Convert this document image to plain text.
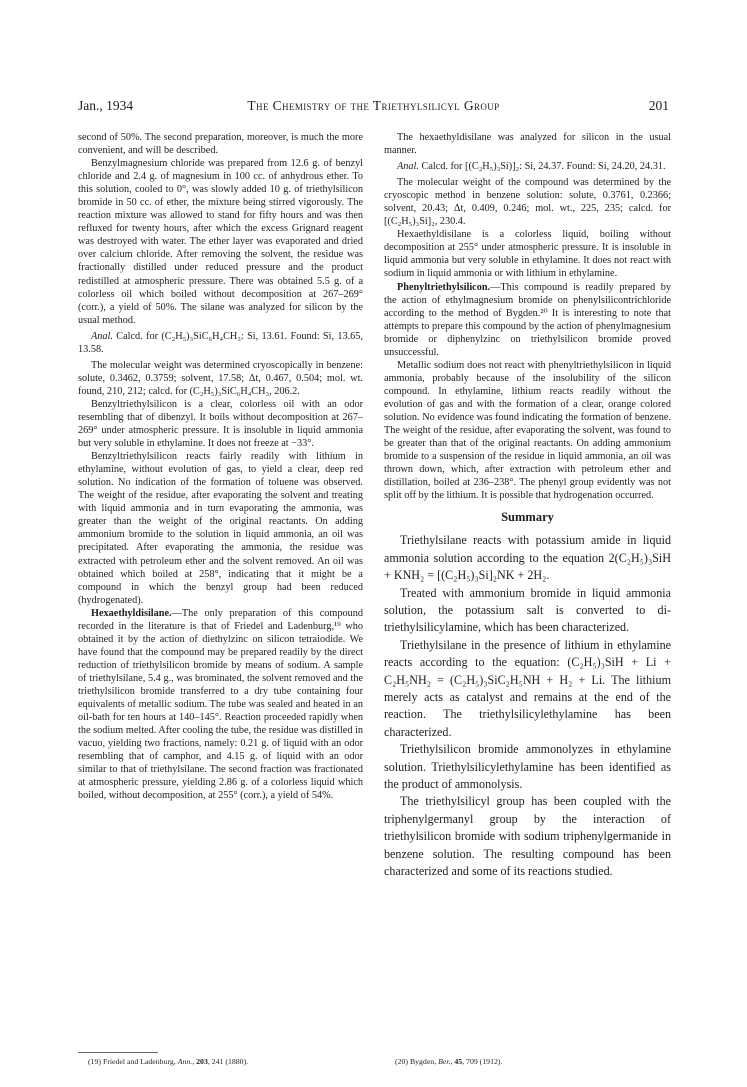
Jan., 1934	The Chemistry of the Triethylsilicyl Group	201

second of 50%. The second preparation, moreover, is much the more convenient, and will be described.

Benzylmagnesium chloride was prepared from 12.6 g. of benzyl chloride and 2.4 g. of magnesium in 100 cc. of anhydrous ether. To this solution, cooled to 0°, was slowly added 10 g. of triethylsilicon bromide in 50 cc. of ether, the mixture being stirred vigorously. The reaction mixture was allowed to stand for fifty hours and was then refluxed for twenty hours, after which the excess Grignard reagent was destroyed with water. The ether layer was evaporated and dried over calcium chloride. After removing the solvent, the residue was fractionally distilled under reduced pressure and the product redistilled at atmospheric pressure. There was obtained 5.5 g. of a colorless oil which boiled without decomposition at 267–269° (corr.), a yield of 50%. The silane was analyzed for silicon by the usual method.

Anal. Calcd. for (C₂H₅)₃SiC₆H₄CH₃: Si, 13.61. Found: Si, 13.65, 13.58.

The molecular weight was determined cryoscopically in benzene: solute, 0.3462, 0.3759; solvent, 17.58; Δt, 0.467, 0.504; mol. wt. found, 210, 212; calcd. for (C₂H₅)₃SiC₆H₄CH₃, 206.2.

Benzyltriethylsilicon is a clear, colorless oil with an odor resembling that of dibenzyl. It boils without decomposition at 267–269° under atmospheric pressure. It is insoluble in liquid ammonia but very soluble in ethylamine. It does not freeze at −33°.

Benzyltriethylsilicon reacts fairly readily with lithium in ethylamine, without evolution of gas, to yield a clear, deep red solution. No indication of the formation of toluene was observed. The weight of the residue, after evaporating the solvent and treating with liquid ammonia and in turn evaporating the ammonia, was greater than the weight of the original reactants. On adding ammonium bromide to the solution in liquid ammonia, an oil was precipitated. After evaporating the ammonia, the residue was extracted with petroleum ether and the solvent removed. An oil was obtained which boiled at 258°, indicating that it might be a compound in which the benzyl group had been reduced (hydrogenated).

Hexaethyldisilane.—The only preparation of this compound recorded in the literature is that of Friedel and Ladenburg,¹⁹ who obtained it by the action of diethylzinc on silicon tetraiodide. We have found that the compound may be prepared readily by the direct reduction of triethylsilicon bromide by means of sodium. A sample of triethylsilane, 5.4 g., was brominated, the solvent removed and the triethylsilicon bromide transferred to a dry tube containing four equivalents of metallic sodium. The tube was sealed and heated in an oil-bath for ten hours at 140–145°. Reaction proceeded rapidly when the sodium melted. After cooling the tube, the residue was distilled in vacuo, yielding two fractions, namely: 0.21 g. of liquid with an odor resembling that of camphor, and 4.15 g. of liquid with an odor similar to that of triethylsilane. The second fraction was fractionated at atmospheric pressure, yielding 2.86 g. of a colorless liquid which boiled, without decomposition, at 255° (corr.), a yield of 54%.

The hexaethyldisilane was analyzed for silicon in the usual manner.

Anal. Calcd. for [(C₂H₅)₃Si)]₂: Si, 24.37. Found: Si, 24.20, 24.31.

The molecular weight of the compound was determined by the cryoscopic method in benzene solution: solute, 0.3761, 0.2366; solvent, 20.43; Δt, 0.409, 0.246; mol. wt., 225, 235; calcd. for [(C₂H₅)₃Si]₂, 230.4.

Hexaethyldisilane is a colorless liquid, boiling without decomposition at 255° under atmospheric pressure. It is insoluble in liquid ammonia but very soluble in ethylamine. It does not react with sodium in liquid ammonia or with lithium in ethylamine.

Phenyltriethylsilicon.—This compound is readily prepared by the action of ethylmagnesium bromide on phenylsilicontrichloride according to the method of Bygden.²⁰ It is interesting to note that attempts to prepare this compound by the action of phenylmagnesium bromide or diphenylzinc on triethylsilicon bromide proved unsuccessful.

Metallic sodium does not react with phenyltriethylsilicon in liquid ammonia, probably because of the insolubility of the silicon compound. In ethylamine, lithium reacts readily without the evolution of gas and with the formation of a clear, orange colored solution. No evidence was found indicating the formation of benzene. The weight of the residue, after evaporating the solvent, was found to be greater than that of the original reactants. On adding ammonium bromide to a suspension of the residue in liquid ammonia, an oil was thrown down, which, after extraction with petroleum ether and distillation, boiled at 236–238°. The phenyl group evidently was not split off by the lithium. It is possible that hydrogenation occurred.

Summary

Triethylsilane reacts with potassium amide in liquid ammonia solution according to the equation 2(C₂H₅)₃SiH + KNH₂ = [(C₂H₅)₃Si]₂NK + 2H₂.

Treated with ammonium bromide in liquid ammonia solution, the potassium salt is converted to di-triethylsilicylamine, which has been characterized.

Triethylsilane in the presence of lithium in ethylamine reacts according to the equation: (C₂H₅)₃SiH + Li + C₂H₅NH₂ = (C₂H₅)₃SiC₂H₅NH + H₂ + Li. The lithium merely acts as catalyst and remains at the end of the reaction. The triethylsilicylethylamine has been characterized.

Triethylsilicon bromide ammonolyzes in ethylamine solution. Triethylsilicylethylamine has been identified as the product of ammonolysis.

The triethylsilicyl group has been coupled with the triphenylgermanyl group by the interaction of triethylsilicon bromide with sodium triphenylgermanide in benzene solution. The resulting compound has been characterized and some of its reactions studied.

(19) Friedel and Ladenburg, Ann., 203, 241 (1880).	(20) Bygden, Ber., 45, 709 (1912).
